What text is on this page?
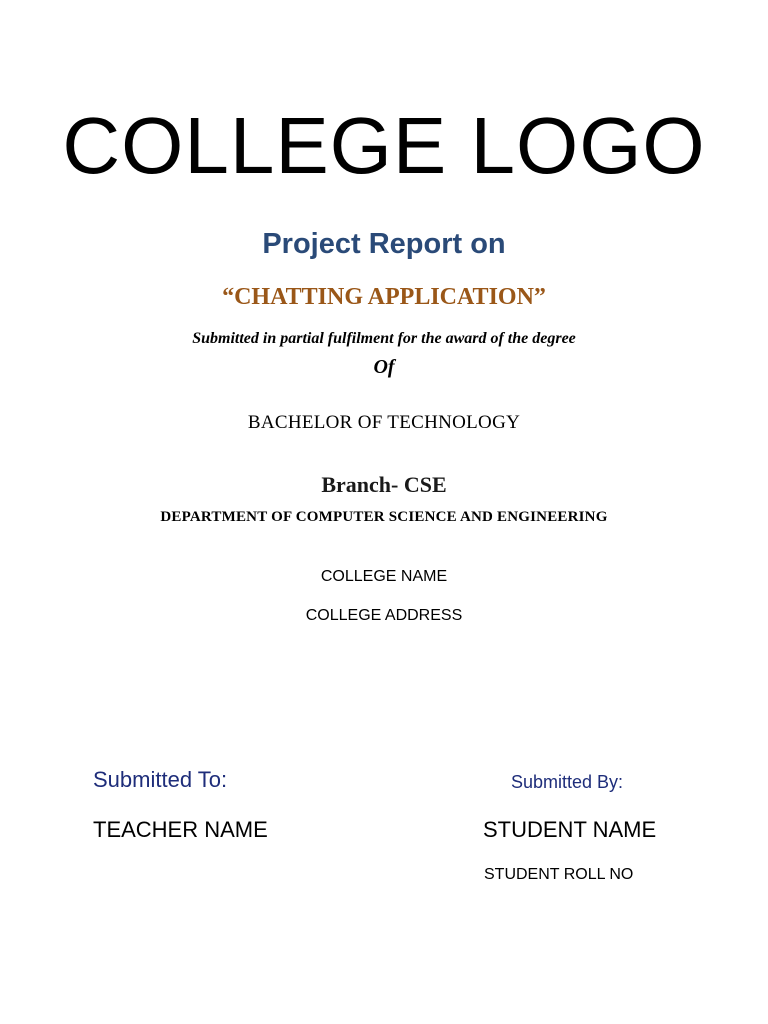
COLLEGE LOGO
Project Report on
“CHATTING APPLICATION”
Submitted in partial fulfilment for the award of the degree
Of
BACHELOR OF TECHNOLOGY
Branch- CSE
DEPARTMENT OF COMPUTER SCIENCE AND ENGINEERING
COLLEGE NAME
COLLEGE ADDRESS
Submitted To:	Submitted By:
TEACHER NAME	STUDENT NAME
STUDENT ROLL NO
